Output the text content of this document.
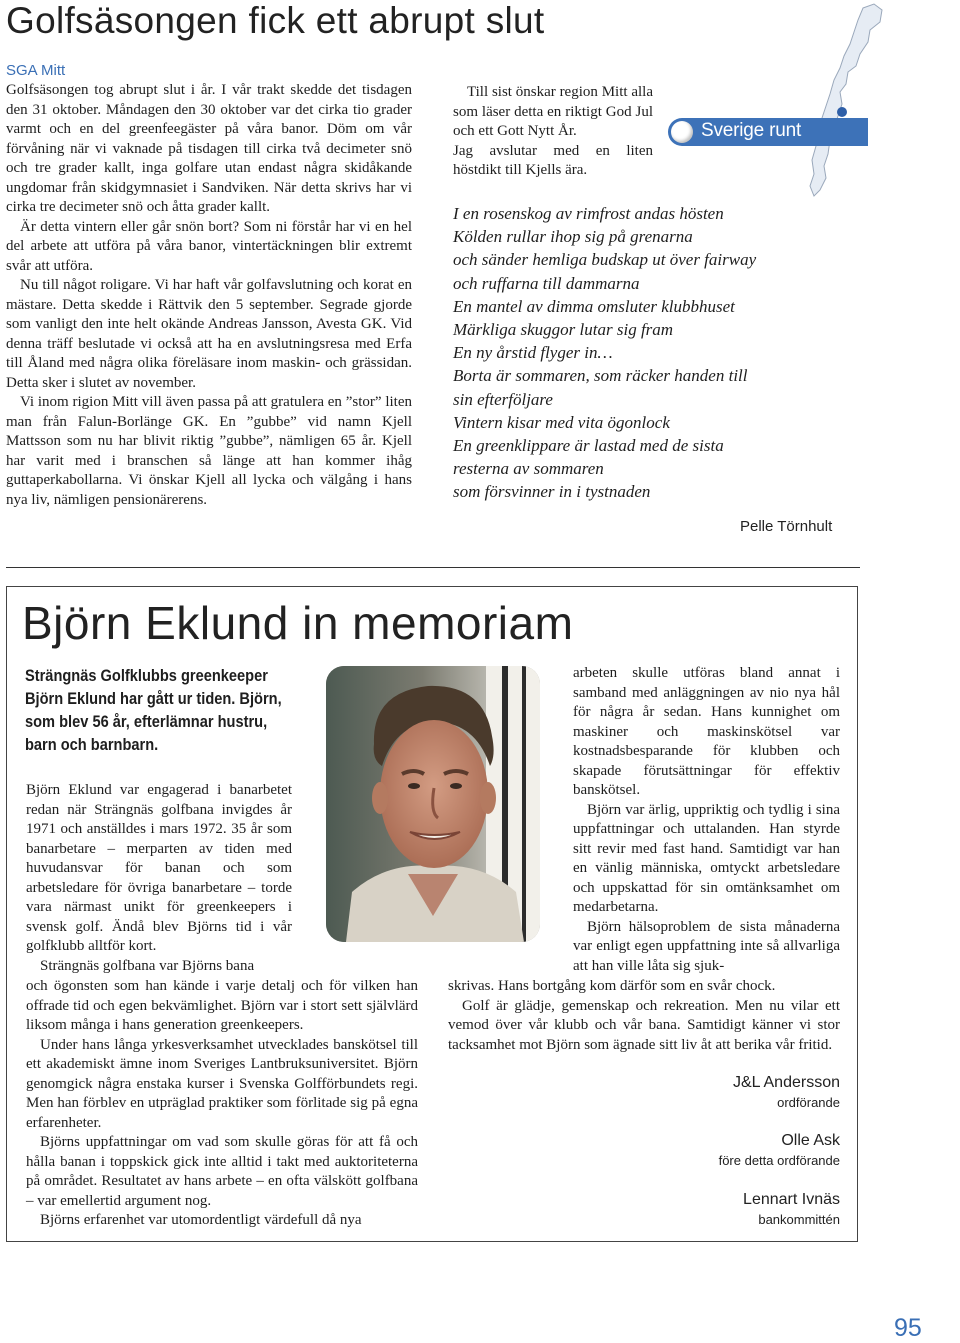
Golfsäsongen fick ett abrupt slut
SGA Mitt

Golfsäsongen tog abrupt slut i år. I vår trakt skedde det tisdagen den 31 oktober. Måndagen den 30 oktober var det cirka tio grader varmt och en del greenfeegäster på våra banor. Döm om vår förvåning när vi vaknade på tisdagen till cirka två decimeter snö och tre grader kallt, inga golfare utan endast några skidåkande ungdomar från skidgymnasiet i Sandviken. När detta skrivs har vi cirka tre decimeter snö och åtta grader kallt.

Är detta vintern eller går snön bort? Som ni förstår har vi en hel del arbete att utföra på våra banor, vintertäckningen blir extremt svår att utföra.

Nu till något roligare. Vi har haft vår golfavslutning och korat en mästare. Detta skedde i Rättvik den 5 september. Segrade gjorde som vanligt den inte helt okände Andreas Jansson, Avesta GK. Vid denna träff beslutade vi också att ha en avslutningsresa med Erfa till Åland med några olika föreläsare inom maskin- och grässidan. Detta sker i slutet av november.

Vi inom rigion Mitt vill även passa på att gratulera en ”stor” liten man från Falun-Borlänge GK. En ”gubbe” vid namn Kjell Mattsson som nu har blivit riktig ”gubbe”, nämligen 65 år. Kjell har varit med i branschen så länge att han kommer ihåg guttaperkabollarna. Vi önskar Kjell all lycka och välgång i hans nya liv, nämligen pensionärerens.

Till sist önskar region Mitt alla som läser detta en riktigt God Jul och ett Gott Nytt År.

Jag avslutar med en liten höstdikt till Kjells ära.

Sverige runt
I en rosenskog av rimfrost andas hösten
Kölden rullar ihop sig på grenarna
och sänder hemliga budskap ut över fairway
och ruffarna till dammarna
En mantel av dimma omsluter klubbhuset
Märkliga skuggor lutar sig fram
En ny årstid flyger in…
Borta är sommaren, som räcker handen till
sin efterföljare
Vintern kisar med vita ögonlock
En greenklippare är lastad med de sista
resterna av sommaren
som försvinner in i tystnaden
Pelle Törnhult
Björn Eklund in memoriam
Strängnäs Golfklubbs greenkeeper
Björn Eklund har gått ur tiden. Björn,
som blev 56 år, efterlämnar hustru,
barn och barnbarn.

Björn Eklund var engagerad i banarbetet redan när Strängnäs golfbana invigdes år 1971 och anställdes i mars 1972. 35 år som banarbetare – merparten av tiden med huvudansvar för banan och som arbetsledare för övriga banarbetare – torde vara närmast unikt för greenkeepers i svensk golf. Ändå blev Björns tid i vår golfklubb alltför kort.

Strängnäs golfbana var Björns bana

och ögonsten som han kände i varje detalj och för vilken han offrade tid och egen bekvämlighet. Björn var i stort sett självlärd liksom många i hans generation greenkeepers.

Under hans långa yrkesverksamhet utvecklades banskötsel till ett akademiskt ämne inom Sveriges Lantbruksuniversitet. Björn genomgick några enstaka kurser i Svenska Golfförbundets regi. Men han förblev en utpräglad praktiker som förlitade sig på egna erfarenheter.

Björns uppfattningar om vad som skulle göras för att få och hålla banan i toppskick gick inte alltid i takt med auktoriteterna på området. Resultatet av hans arbete – en ofta välskött golfbana – var emellertid argument nog.

Björns erfarenhet var utomordentligt värdefull då nya

arbeten skulle utföras bland annat i samband med anläggningen av nio nya hål för några år sedan. Hans kunnighet om maskiner och maskinskötsel var kostnadsbesparande för klubben och skapade förutsättningar för effektiv banskötsel.

Björn var ärlig, uppriktig och tydlig i sina uppfattningar och uttalanden. Han styrde sitt revir med fast hand. Samtidigt var han en vänlig människa, omtyckt arbetsledare och uppskattad för sin omtänksamhet om medarbetarna.

Björn hälsoproblem de sista månaderna var enligt egen uppfattning inte så allvarliga att han ville låta sig sjuk-

skrivas. Hans bortgång kom därför som en svår chock.

Golf är glädje, gemenskap och rekreation. Men nu vilar ett vemod över vår klubb och vår bana. Samtidigt känner vi stor tacksamhet mot Björn som ägnade sitt liv åt att berika vår fritid.

J&L Andersson
ordförande
Olle Ask
före detta ordförande
Lennart Ivnäs
bankommittén
95
